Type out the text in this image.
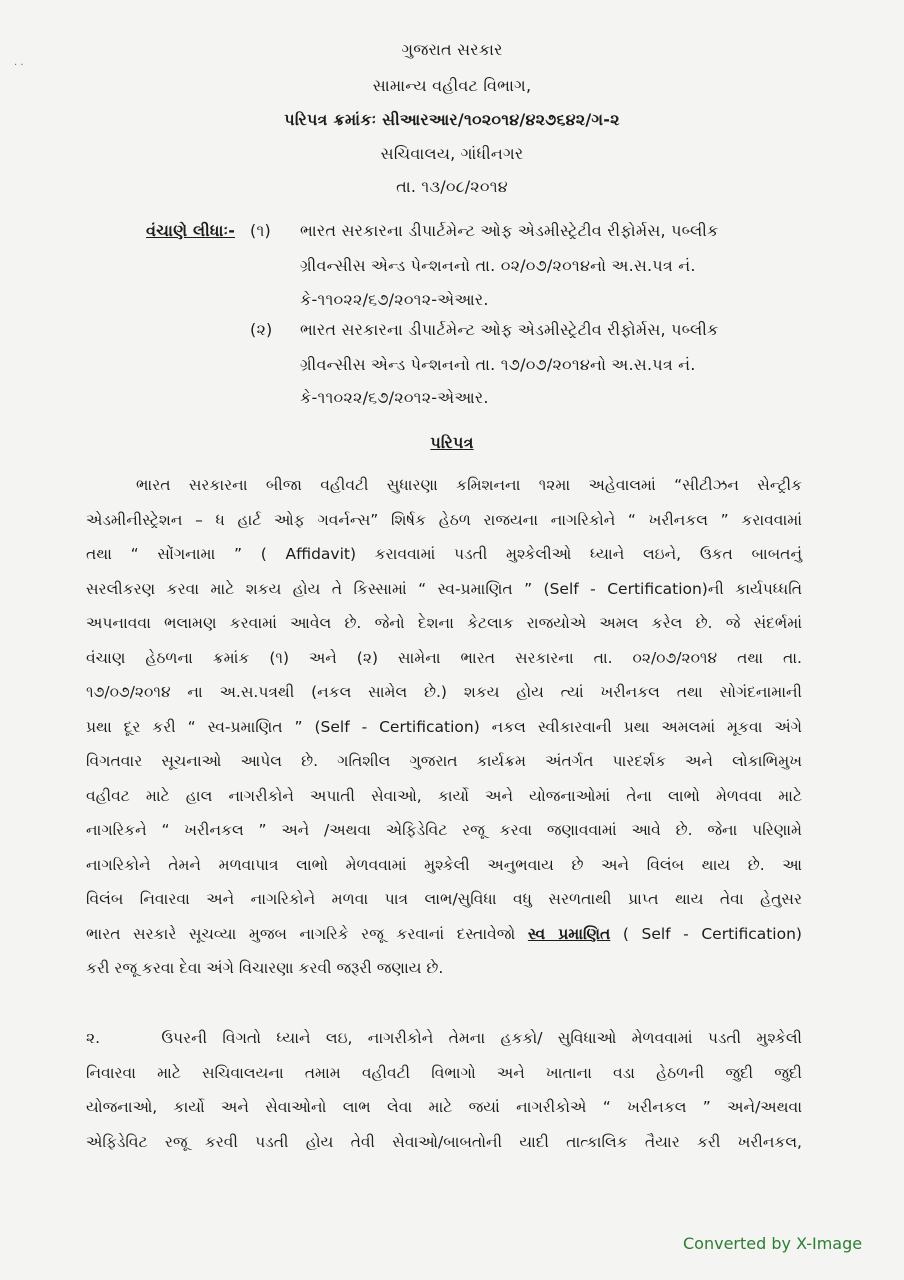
· ·
ગુજરાત સરકાર
સામાન્ય વહીવટ વિભાગ,
પરિપત્ર ક્રમાંકઃ સીઆરઆર/૧૦૨૦૧૪/૪૨૭૬૪૨/ગ-૨
સચિવાલય, ગાંધીનગર
તા. ૧૩/૦૮/૨૦૧૪
વંચાણે લીધાઃ- (૧) ભારત સરકારના ડીપાર્ટમેન્ટ ઓફ એડમીસ્ટ્રેટીવ રીફોર્મસ, પબ્લીક
ગ્રીવન્સીસ એન્ડ પેન્શનનો તા. ૦૨/૦૭/૨૦૧૪નો અ.સ.પત્ર નં.
કે-૧૧૦૨૨/૬૭/૨૦૧૨-એઆર.
(૨) ભારત સરકારના ડીપાર્ટમેન્ટ ઓફ એડમીસ્ટ્રેટીવ રીફોર્મસ, પબ્લીક
ગ્રીવન્સીસ એન્ડ પેન્શનનો તા. ૧૭/૦૭/૨૦૧૪નો અ.સ.પત્ર નં.
કે-૧૧૦૨૨/૬૭/૨૦૧૨-એઆર.
પરિપત્ર
ભારત સરકારના બીજા વહીવટી સુધારણા કમિશનના ૧૨મા અહેવાલમાં “સીટીઝન સેન્ટ્રીક
એડમીનીસ્ટ્રેશન – ધ હાર્ટ ઓફ ગવર્નન્સ” શિર્ષક હેઠળ રાજયના નાગરિકોને “ ખરીનકલ ” કરાવવામાં
તથા “ સોંગનામા ” ( Affidavit) કરાવવામાં પડતી મુશ્કેલીઓ ધ્યાને લઇને, ઉકત બાબતનું
સરલીકરણ કરવા માટે શકય હોય તે કિસ્સામાં “ સ્વ-પ્રમાણિત ” (Self - Certification)ની કાર્યપધ્ધતિ
અપનાવવા ભલામણ કરવામાં આવેલ છે. જેનો દેશના કેટલાક રાજયોએ અમલ કરેલ છે. જે સંદર્ભમાં
વંચાણ હેઠળના ક્રમાંક (૧) અને (૨) સામેના ભારત સરકારના તા. ૦૨/૦૭/૨૦૧૪ તથા તા.
૧૭/૦૭/૨૦૧૪ ના અ.સ.પત્રથી (નકલ સામેલ છે.) શકય હોય ત્યાં ખરીનકલ તથા સોગંદનામાની
પ્રથા દૂર કરી “ સ્વ-પ્રમાણિત ” (Self - Certification) નકલ સ્વીકારવાની પ્રથા અમલમાં મૂકવા અંગે
વિગતવાર સૂચનાઓ આપેલ છે. ગતિશીલ ગુજરાત કાર્યક્રમ અંતર્ગત પારદર્શક અને લોકાભિમુખ
વહીવટ માટે હાલ નાગરીકોને અપાતી સેવાઓ, કાર્યો અને યોજનાઓમાં તેના લાભો મેળવવા માટે
નાગરિકને “ ખરીનકલ ” અને /અથવા એફિડેવિટ રજૂ કરવા જણાવવામાં આવે છે. જેના પરિણામે
નાગરિકોને તેમને મળવાપાત્ર લાભો મેળવવામાં મુશ્કેલી અનુભવાય છે અને વિલંબ થાય છે. આ
વિલંબ નિવારવા અને નાગરિકોને મળવા પાત્ર લાભ/સુવિધા વધુ સરળતાથી પ્રાપ્ત થાય તેવા હેતુસર
ભારત સરકારે સૂચવ્યા મુજબ નાગરિકે રજૂ કરવાનાં દસ્તાવેજો સ્વ પ્રમાણિત ( Self - Certification)
કરી રજૂ કરવા દેવા અંગે વિચારણા કરવી જરૂરી જણાય છે.
૨.	ઉપરની વિગતો ધ્યાને લઇ, નાગરીકોને તેમના હકકો/ સુવિધાઓ મેળવવામાં પડતી મુશ્કેલી
નિવારવા માટે સચિવાલયના તમામ વહીવટી વિભાગો અને ખાતાના વડા હેઠળની જુદી જુદી
યોજનાઓ, કાર્યો અને સેવાઓનો લાભ લેવા માટે જયાં નાગરીકોએ “ ખરીનકલ ” અને/અથવા
એફિડેવિટ રજૂ કરવી પડતી હોય તેવી સેવાઓ/બાબતોની યાદી તાત્કાલિક તૈયાર કરી ખરીનકલ,
Converted by X-Image
